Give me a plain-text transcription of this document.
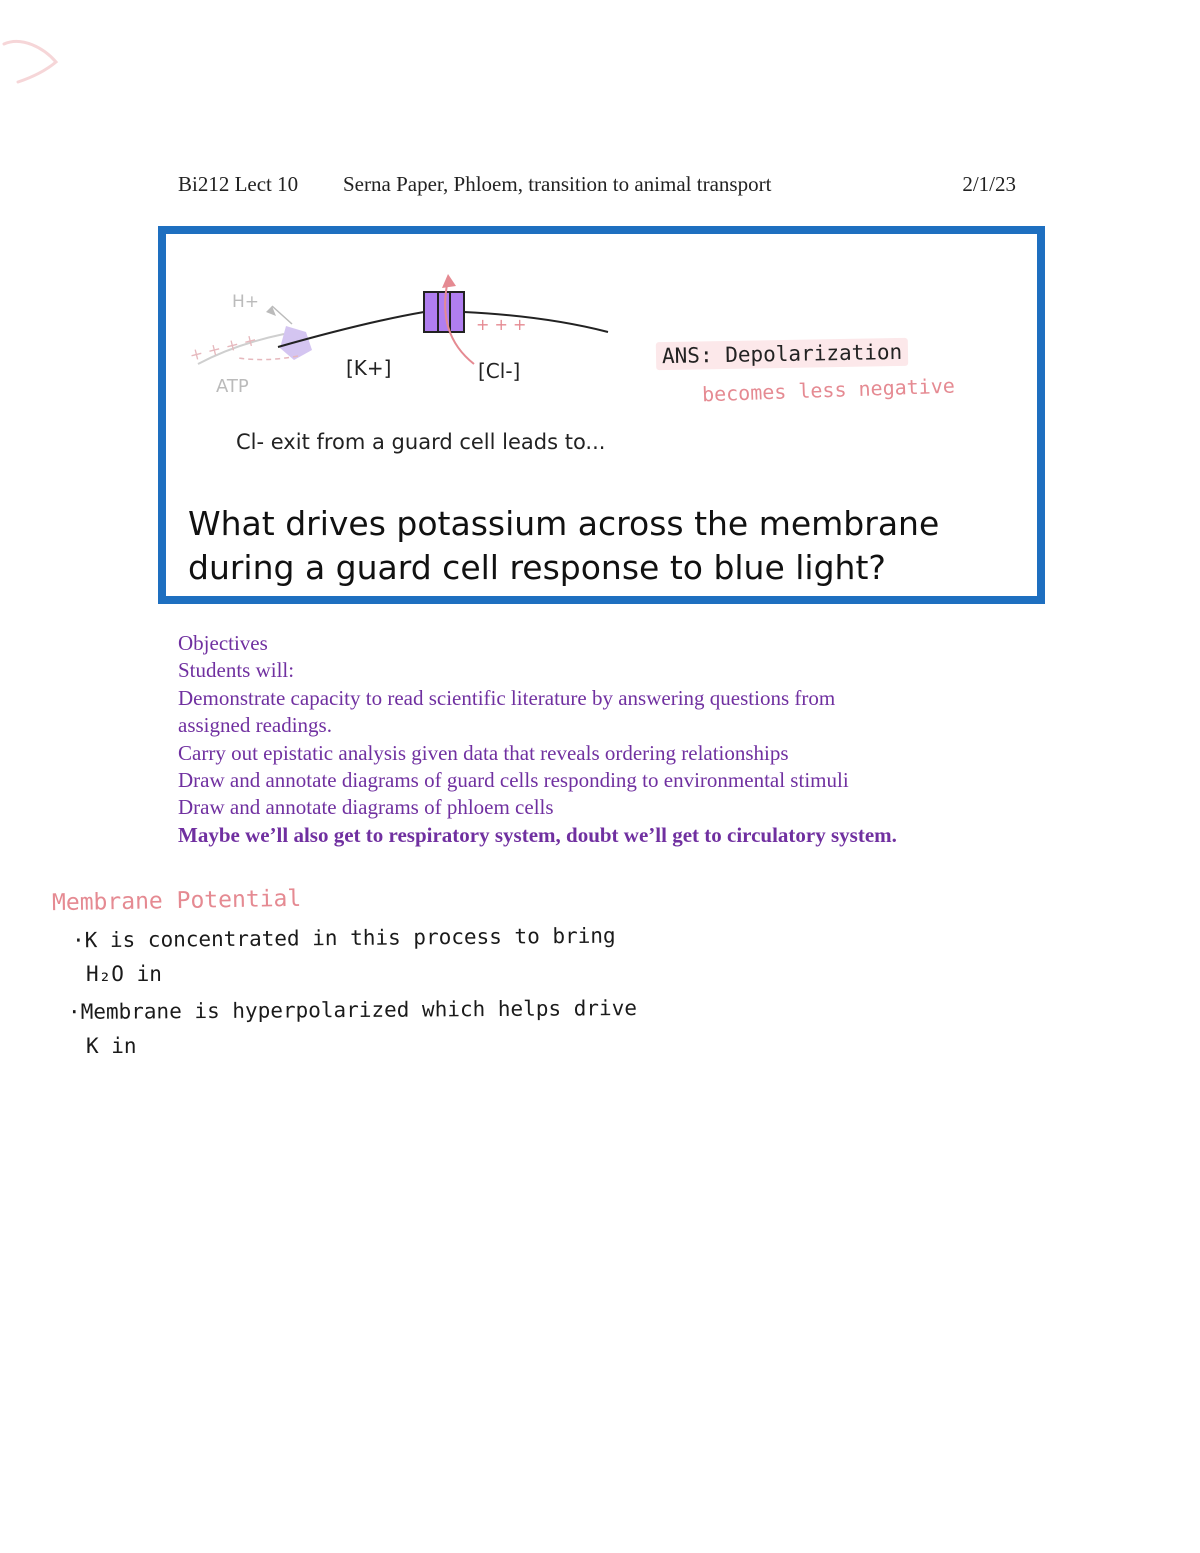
Bi212 Lect 10 Serna Paper, Phloem, transition to animal transport	2/1/23
+ + + +
+ + +
H+
ATP
[K+]	[Cl-]
ANS: Depolarization
becomes less negative
Cl- exit from a guard cell leads to...
What drives potassium across the membrane
during a guard cell response to blue light?
Objectives
Students will:
Demonstrate capacity to read scientific literature by answering questions from
assigned readings.
Carry out epistatic analysis given data that reveals ordering relationships
Draw and annotate diagrams of guard cells responding to environmental stimuli
Draw and annotate diagrams of phloem cells
Maybe we’ll also get to respiratory system, doubt we’ll get to circulatory system.
Membrane Potential
·K is concentrated in this process to bring
H₂O in
·Membrane is hyperpolarized which helps drive
K in
